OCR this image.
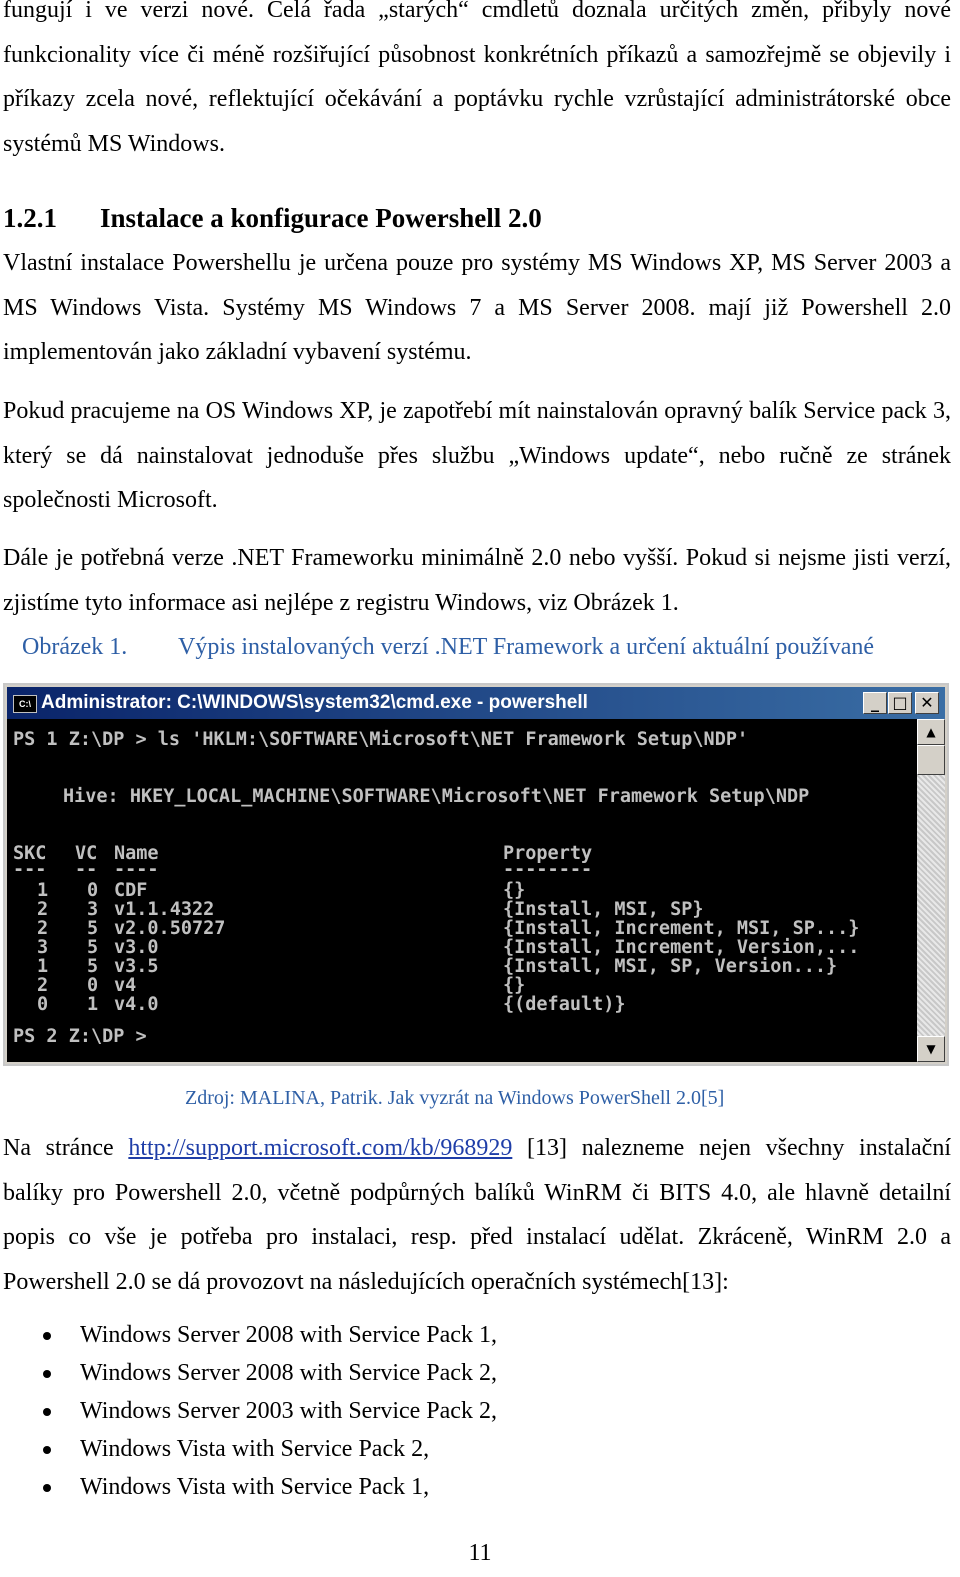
fungují i ve verzi nové. Celá řada „starých“ cmdletů doznala určitých změn, přibyly nové funkcionality více či méně rozšiřující působnost konkrétních příkazů a samozřejmě se objevily i příkazy zcela nové, reflektující očekávání a poptávku rychle vzrůstající administrátorské obce systémů MS Windows.

1.2.1 Instalace a konfigurace Powershell 2.0

Vlastní instalace Powershellu je určena pouze pro systémy MS Windows XP, MS Server 2003 a MS Windows Vista. Systémy MS Windows 7 a MS Server 2008. mají již Powershell 2.0 implementován jako základní vybavení systému.

Pokud pracujeme na OS Windows XP, je zapotřebí mít nainstalován opravný balík Service pack 3, který se dá nainstalovat jednoduše přes službu „Windows update“, nebo ručně ze stránek společnosti Microsoft.

Dále je potřebná verze .NET Frameworku minimálně 2.0 nebo vyšší. Pokud si nejsme jisti verzí, zjistíme tyto informace asi nejlépe z registru Windows, viz Obrázek 1.

Obrázek 1. Výpis instalovaných verzí .NET Framework a určení aktuální používané
C:\ Administrator: C:\WINDOWS\system32\cmd.exe - powershell	_ □ ✕
PS 1 Z:\DP > ls 'HKLM:\SOFTWARE\Microsoft\NET Framework Setup\NDP'
Hive: HKEY_LOCAL_MACHINE\SOFTWARE\Microsoft\NET Framework Setup\NDP
SKC VC Name	Property
--- -- ----	--------
1 0 CDF	{}
2 3 v1.1.4322	{Install, MSI, SP}
2 5 v2.0.50727	{Install, Increment, MSI, SP...}
3 5 v3.0	{Install, Increment, Version,...
1 5 v3.5	{Install, MSI, SP, Version...}
2 0 v4	{}
0 1 v4.0	{(default)}
PS 2 Z:\DP >
▲
▼
Zdroj: MALINA, Patrik. Jak vyzrát na Windows PowerShell 2.0[5]

Na stránce http://support.microsoft.com/kb/968929 [13] nalezneme nejen všechny instalační balíky pro Powershell 2.0, včetně podpůrných balíků WinRM či BITS 4.0, ale hlavně detailní popis co vše je potřeba pro instalaci, resp. před instalací udělat. Zkráceně, WinRM 2.0 a Powershell 2.0 se dá provozovt na následujících operačních systémech[13]:

Windows Server 2008 with Service Pack 1,
Windows Server 2008 with Service Pack 2,
Windows Server 2003 with Service Pack 2,
Windows Vista with Service Pack 2,
Windows Vista with Service Pack 1,
11
